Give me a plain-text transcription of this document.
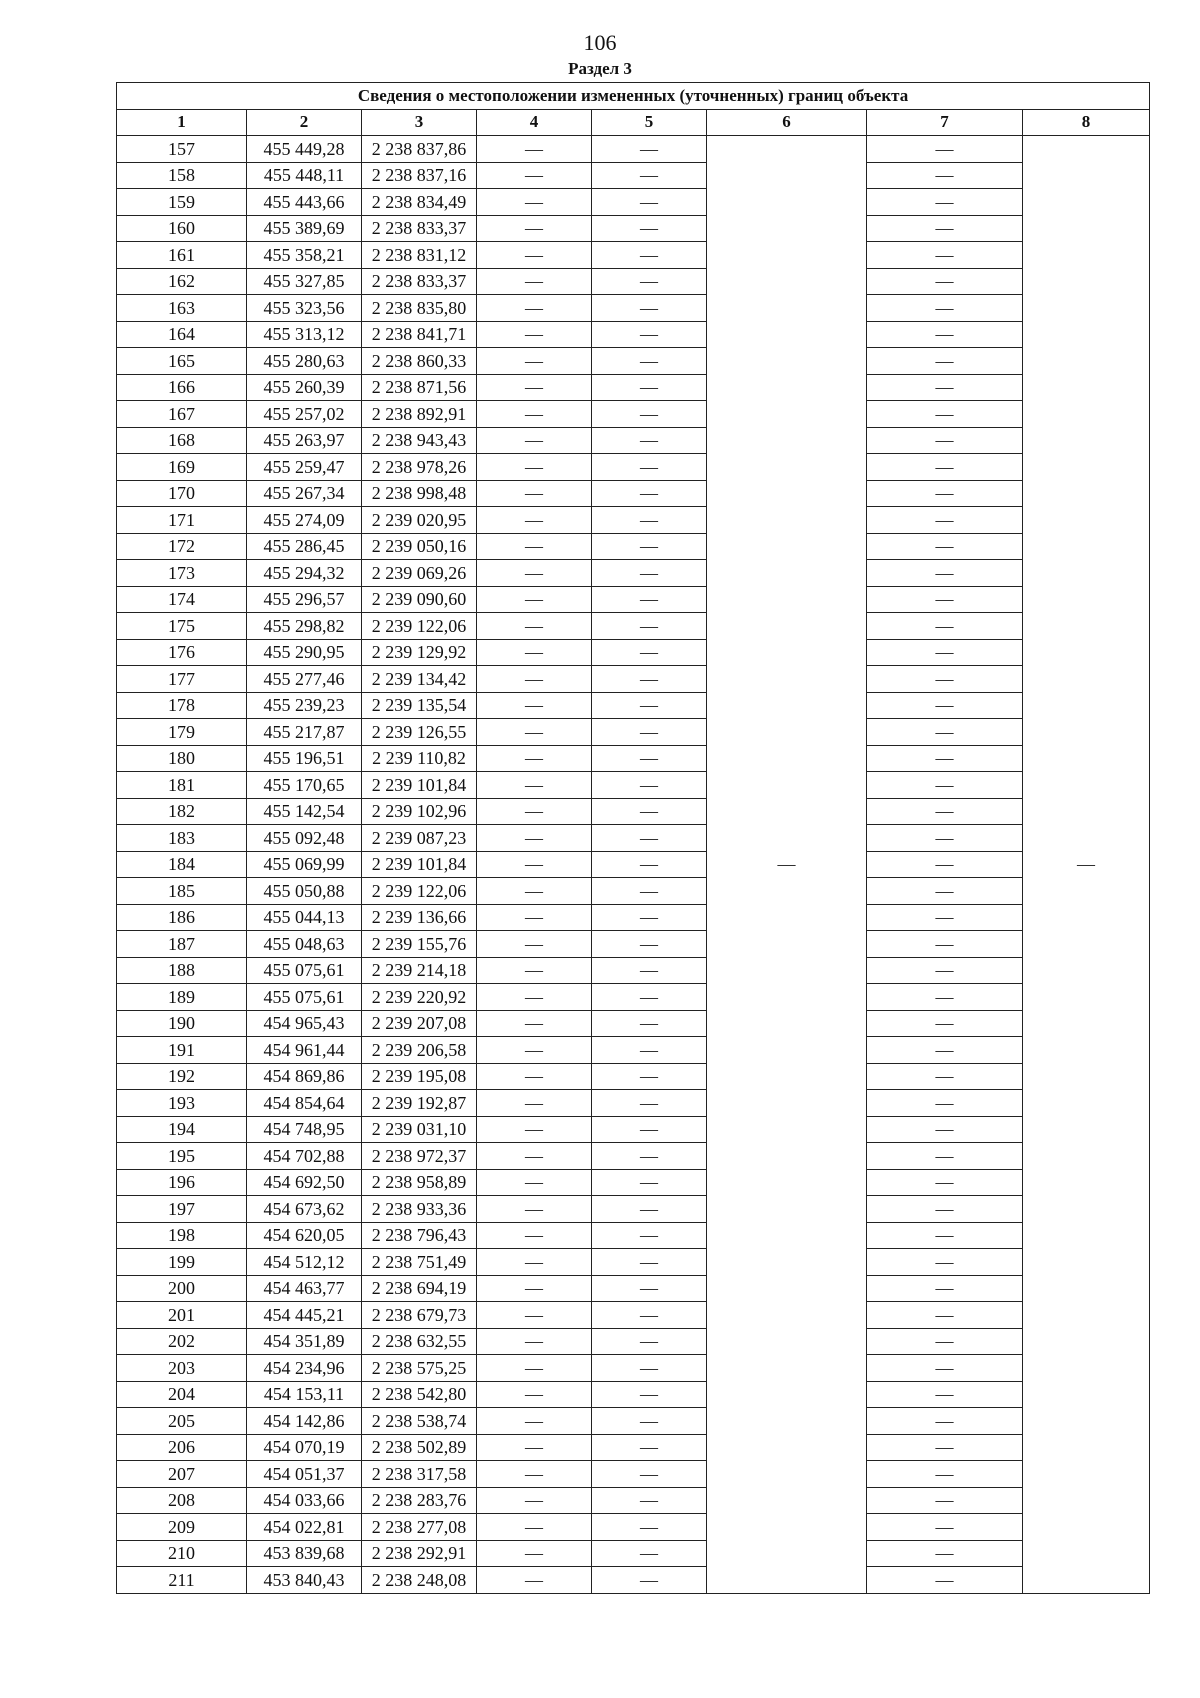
106
Раздел 3
Сведения о местоположении измененных (уточненных) границ объекта							
1	2	3	4	5	6	7	8
157	455 449,28	2 238 837,86	—	—	—	—	—
158	455 448,11	2 238 837,16	—	—		—	
159	455 443,66	2 238 834,49	—	—		—	
160	455 389,69	2 238 833,37	—	—		—	
161	455 358,21	2 238 831,12	—	—		—	
162	455 327,85	2 238 833,37	—	—		—	
163	455 323,56	2 238 835,80	—	—		—	
164	455 313,12	2 238 841,71	—	—		—	
165	455 280,63	2 238 860,33	—	—		—	
166	455 260,39	2 238 871,56	—	—		—	
167	455 257,02	2 238 892,91	—	—		—	
168	455 263,97	2 238 943,43	—	—		—	
169	455 259,47	2 238 978,26	—	—		—	
170	455 267,34	2 238 998,48	—	—		—	
171	455 274,09	2 239 020,95	—	—		—	
172	455 286,45	2 239 050,16	—	—		—	
173	455 294,32	2 239 069,26	—	—		—	
174	455 296,57	2 239 090,60	—	—		—	
175	455 298,82	2 239 122,06	—	—		—	
176	455 290,95	2 239 129,92	—	—		—	
177	455 277,46	2 239 134,42	—	—		—	
178	455 239,23	2 239 135,54	—	—		—	
179	455 217,87	2 239 126,55	—	—		—	
180	455 196,51	2 239 110,82	—	—		—	
181	455 170,65	2 239 101,84	—	—		—	
182	455 142,54	2 239 102,96	—	—		—	
183	455 092,48	2 239 087,23	—	—		—	
184	455 069,99	2 239 101,84	—	—		—	
185	455 050,88	2 239 122,06	—	—		—	
186	455 044,13	2 239 136,66	—	—		—	
187	455 048,63	2 239 155,76	—	—		—	
188	455 075,61	2 239 214,18	—	—		—	
189	455 075,61	2 239 220,92	—	—		—	
190	454 965,43	2 239 207,08	—	—		—	
191	454 961,44	2 239 206,58	—	—		—	
192	454 869,86	2 239 195,08	—	—		—	
193	454 854,64	2 239 192,87	—	—		—	
194	454 748,95	2 239 031,10	—	—		—	
195	454 702,88	2 238 972,37	—	—		—	
196	454 692,50	2 238 958,89	—	—		—	
197	454 673,62	2 238 933,36	—	—		—	
198	454 620,05	2 238 796,43	—	—		—	
199	454 512,12	2 238 751,49	—	—		—	
200	454 463,77	2 238 694,19	—	—		—	
201	454 445,21	2 238 679,73	—	—		—	
202	454 351,89	2 238 632,55	—	—		—	
203	454 234,96	2 238 575,25	—	—		—	
204	454 153,11	2 238 542,80	—	—		—	
205	454 142,86	2 238 538,74	—	—		—	
206	454 070,19	2 238 502,89	—	—		—	
207	454 051,37	2 238 317,58	—	—		—	
208	454 033,66	2 238 283,76	—	—		—	
209	454 022,81	2 238 277,08	—	—		—	
210	453 839,68	2 238 292,91	—	—		—	
211	453 840,43	2 238 248,08	—	—		—	
